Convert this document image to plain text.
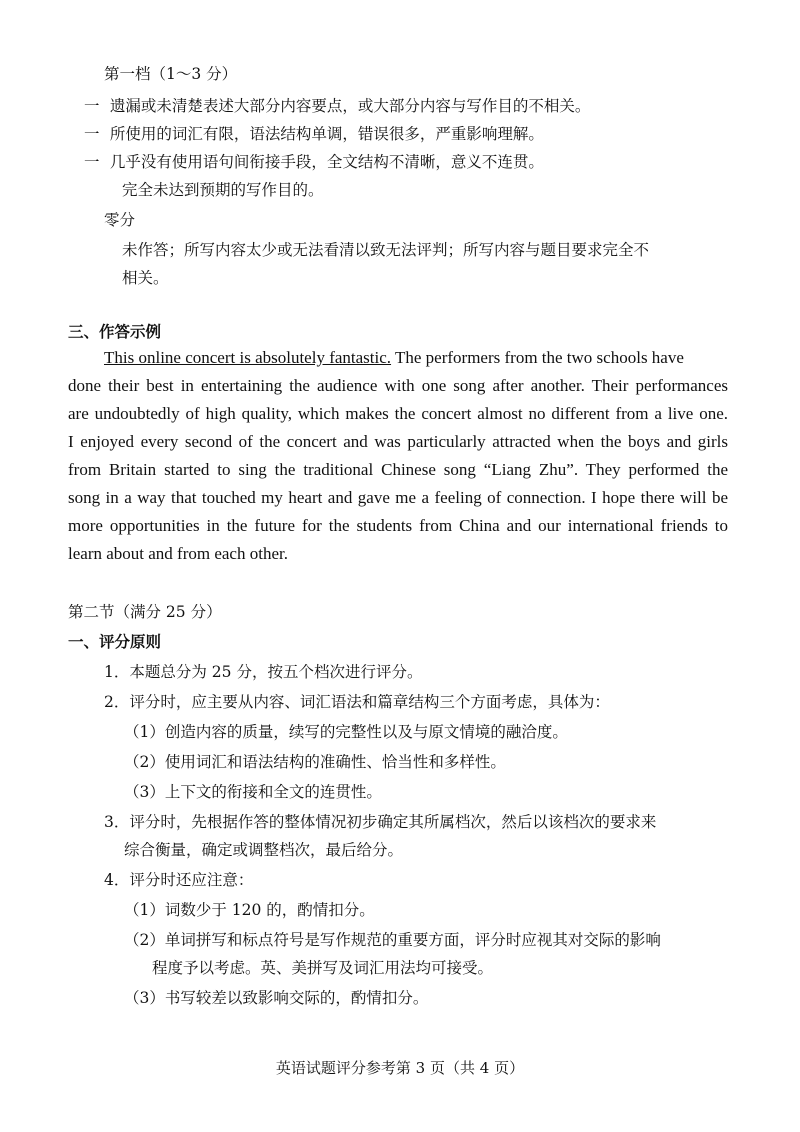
第一档（1～3 分）
一 遗漏或未清楚表述大部分内容要点，或大部分内容与写作目的不相关。
一 所使用的词汇有限，语法结构单调，错误很多，严重影响理解。
一 几乎没有使用语句间衔接手段，全文结构不清晰，意义不连贯。
完全未达到预期的写作目的。
零分
未作答；所写内容太少或无法看清以致无法评判；所写内容与题目要求完全不
相关。
三、作答示例
This online concert is absolutely fantastic. The performers from the two schools have
done their best in entertaining the audience with one song after another. Their performances
are undoubtedly of high quality, which makes the concert almost no different from a live one.
I enjoyed every second of the concert and was particularly attracted when the boys and girls
from Britain started to sing the traditional Chinese song “Liang Zhu”. They performed the
song in a way that touched my heart and gave me a feeling of connection. I hope there will be
more opportunities in the future for the students from China and our international friends to
learn about and from each other.
第二节（满分 25 分）
一、评分原则
1．本题总分为 25 分，按五个档次进行评分。
2．评分时，应主要从内容、词汇语法和篇章结构三个方面考虑，具体为：
（1）创造内容的质量，续写的完整性以及与原文情境的融洽度。
（2）使用词汇和语法结构的准确性、恰当性和多样性。
（3）上下文的衔接和全文的连贯性。
3．评分时，先根据作答的整体情况初步确定其所属档次，然后以该档次的要求来
综合衡量，确定或调整档次，最后给分。
4．评分时还应注意：
（1）词数少于 120 的，酌情扣分。
（2）单词拼写和标点符号是写作规范的重要方面，评分时应视其对交际的影响
程度予以考虑。英、美拼写及词汇用法均可接受。
（3）书写较差以致影响交际的，酌情扣分。
英语试题评分参考第 3 页（共 4 页）
